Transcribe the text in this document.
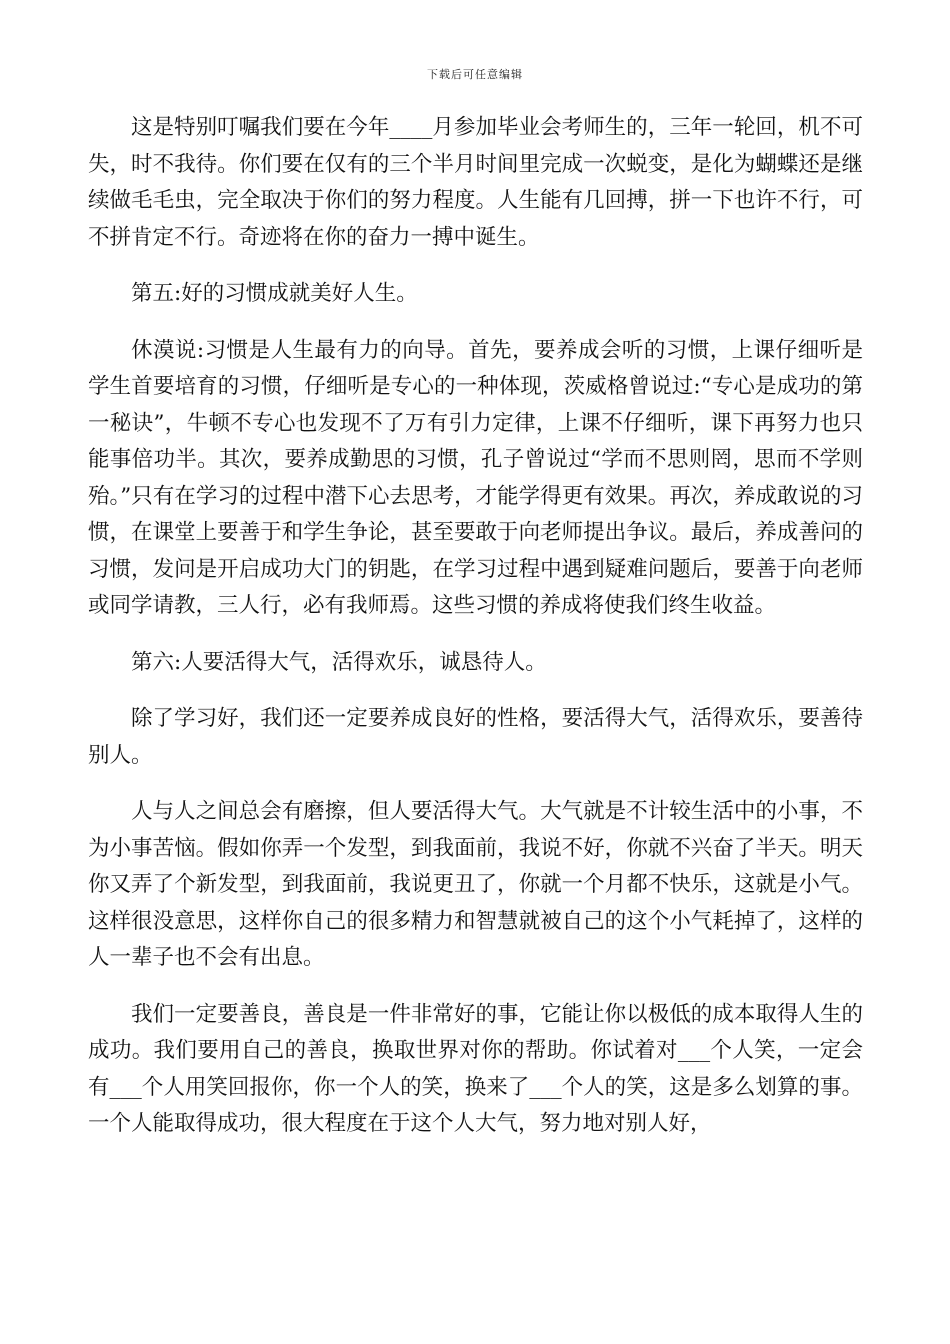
下载后可任意编辑

这是特别叮嘱我们要在今年____月参加毕业会考师生的，三年一轮回，机不可失，时不我待。你们要在仅有的三个半月时间里完成一次蜕变，是化为蝴蝶还是继续做毛毛虫，完全取决于你们的努力程度。人生能有几回搏，拼一下也许不行，可不拼肯定不行。奇迹将在你的奋力一搏中诞生。

第五:好的习惯成就美好人生。

休漠说:习惯是人生最有力的向导。首先，要养成会听的习惯，上课仔细听是学生首要培育的习惯，仔细听是专心的一种体现，茨威格曾说过:“专心是成功的第一秘诀”，牛顿不专心也发现不了万有引力定律，上课不仔细听，课下再努力也只能事倍功半。其次，要养成勤思的习惯，孔子曾说过“学而不思则罔，思而不学则殆。”只有在学习的过程中潜下心去思考，才能学得更有效果。再次，养成敢说的习惯，在课堂上要善于和学生争论，甚至要敢于向老师提出争议。最后，养成善问的习惯，发问是开启成功大门的钥匙，在学习过程中遇到疑难问题后，要善于向老师或同学请教，三人行，必有我师焉。这些习惯的养成将使我们终生收益。

第六:人要活得大气，活得欢乐，诚恳待人。

除了学习好，我们还一定要养成良好的性格，要活得大气，活得欢乐，要善待别人。

人与人之间总会有磨擦，但人要活得大气。大气就是不计较生活中的小事，不为小事苦恼。假如你弄一个发型，到我面前，我说不好，你就不兴奋了半天。明天你又弄了个新发型，到我面前，我说更丑了，你就一个月都不快乐，这就是小气。这样很没意思，这样你自己的很多精力和智慧就被自己的这个小气耗掉了，这样的人一辈子也不会有出息。

我们一定要善良，善良是一件非常好的事，它能让你以极低的成本取得人生的成功。我们要用自己的善良，换取世界对你的帮助。你试着对___个人笑，一定会有___个人用笑回报你，你一个人的笑，换来了___个人的笑，这是多么划算的事。一个人能取得成功，很大程度在于这个人大气，努力地对别人好，
